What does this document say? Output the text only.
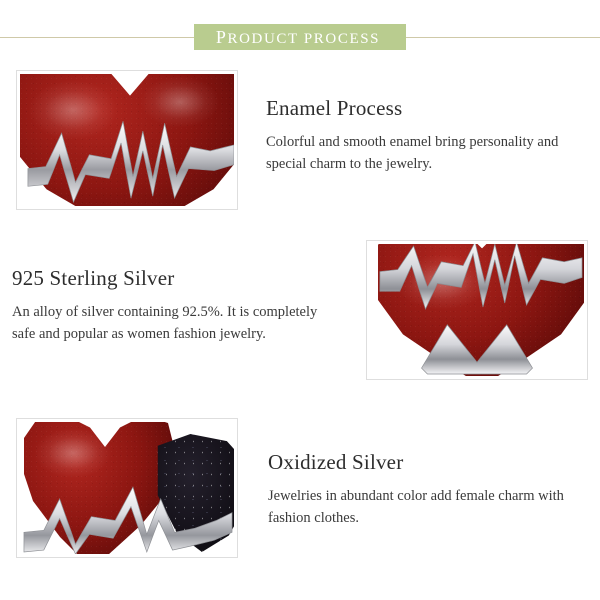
PRODUCT PROCESS
Enamel Process

Colorful and smooth enamel bring personality and special charm to the jewelry.

925 Sterling Silver

An alloy of silver containing 92.5%. It is completely safe and popular as women fashion jewelry.

Oxidized Silver

Jewelries in abundant color add female charm with fashion clothes.
